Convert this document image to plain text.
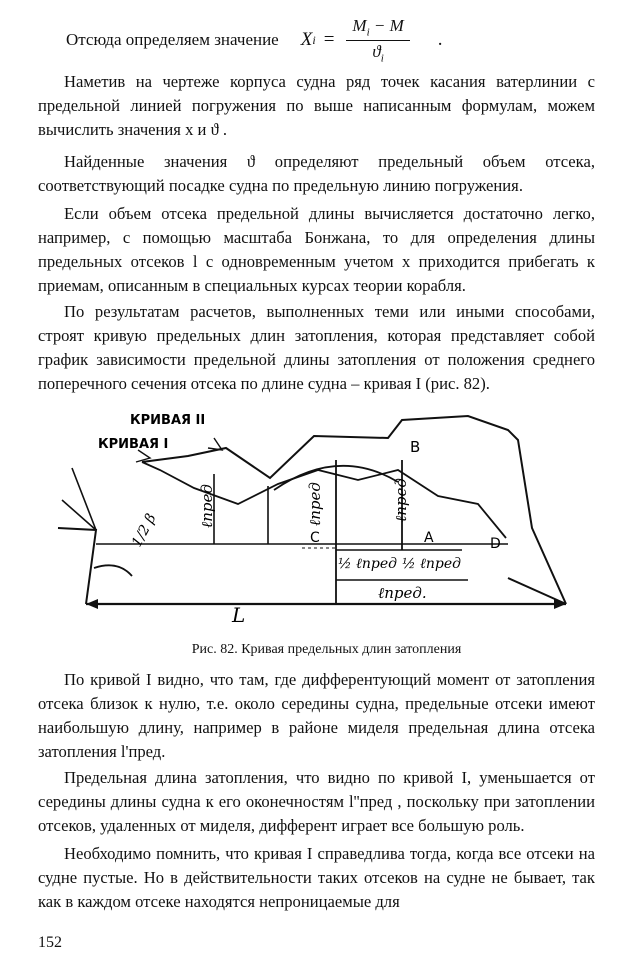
Отсюда определяем значение X $i = \frac{M_i - M}{ϑ_i}$ .

Наметив на чертеже корпуса судна ряд точек касания ватерлинии с предельной линией погружения по выше написанным формулам, можем вычислить значения x и ϑ .

Найденные значения ϑ определяют предельный объем отсека, соответствующий посадке судна по предельную линию погружения.

Если объем отсека предельной длины вычисляется достаточно легко, например, с помощью масштаба Бонжана, то для определения длины предельных отсеков l с одновременным учетом x приходится прибегать к приемам, описанным в специальных курсах теории корабля.

По результатам расчетов, выполненных теми или иными способами, строят кривую предельных длин затопления, которая представляет собой график зависимости предельной длины затопления от положения среднего поперечного сечения отсека по длине судна – кривая I (рис. 82).

КРИВАЯ II
КРИВАЯ I
1/2 β
ℓпред	ℓпред	ℓпред
B
C	A	D
½ ℓпред ½ ℓпред
ℓпред.
L
Рис. 82. Кривая предельных длин затопления

По кривой I видно, что там, где дифферентующий момент от затопления отсека близок к нулю, т.е. около середины судна, предельные отсеки имеют наибольшую длину, например в районе миделя предельная длина отсека затопления l'пред.

Предельная длина затопления, что видно по кривой I, уменьшается от середины длины судна к его оконечностям l''пред , поскольку при затоплении отсеков, удаленных от миделя, дифферент играет все большую роль.

Необходимо помнить, что кривая I справедлива тогда, когда все отсеки на судне пустые. Но в действительности таких отсеков на судне не бывает, так как в каждом отсеке находятся непроницаемые для

152
